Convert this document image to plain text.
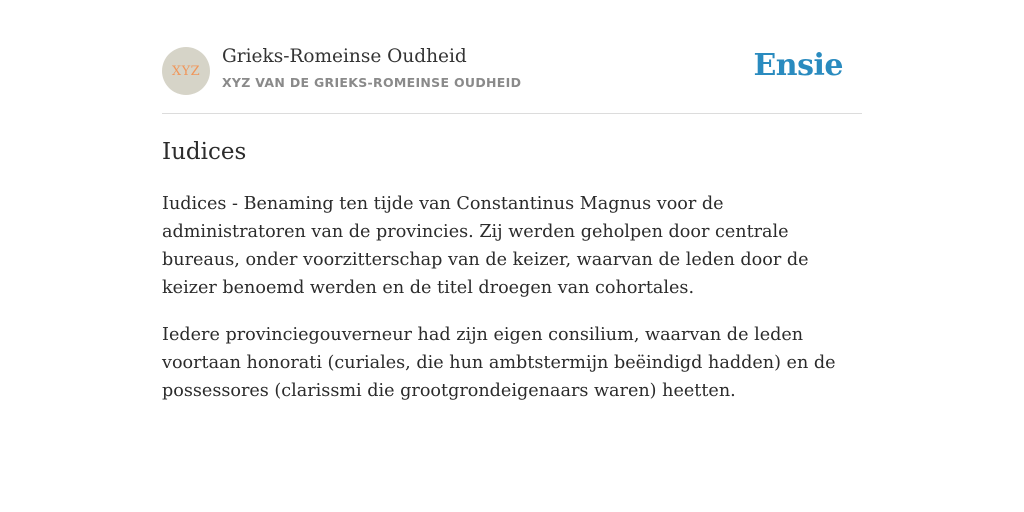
XYZ
Grieks-Romeinse Oudheid
XYZ VAN DE GRIEKS-ROMEINSE OUDHEID	Ensie
Iudices

Iudices - Benaming ten tijde van Constantinus Magnus voor de administratoren van de provincies. Zij werden geholpen door centrale bureaus, onder voorzitterschap van de keizer, waarvan de leden door de keizer benoemd werden en de titel droegen van cohortales.

Iedere provinciegouverneur had zijn eigen consilium, waarvan de leden voortaan honorati (curiales, die hun ambtstermijn beëindigd hadden) en de possessores (clarissmi die grootgrondeigenaars waren) heetten.
